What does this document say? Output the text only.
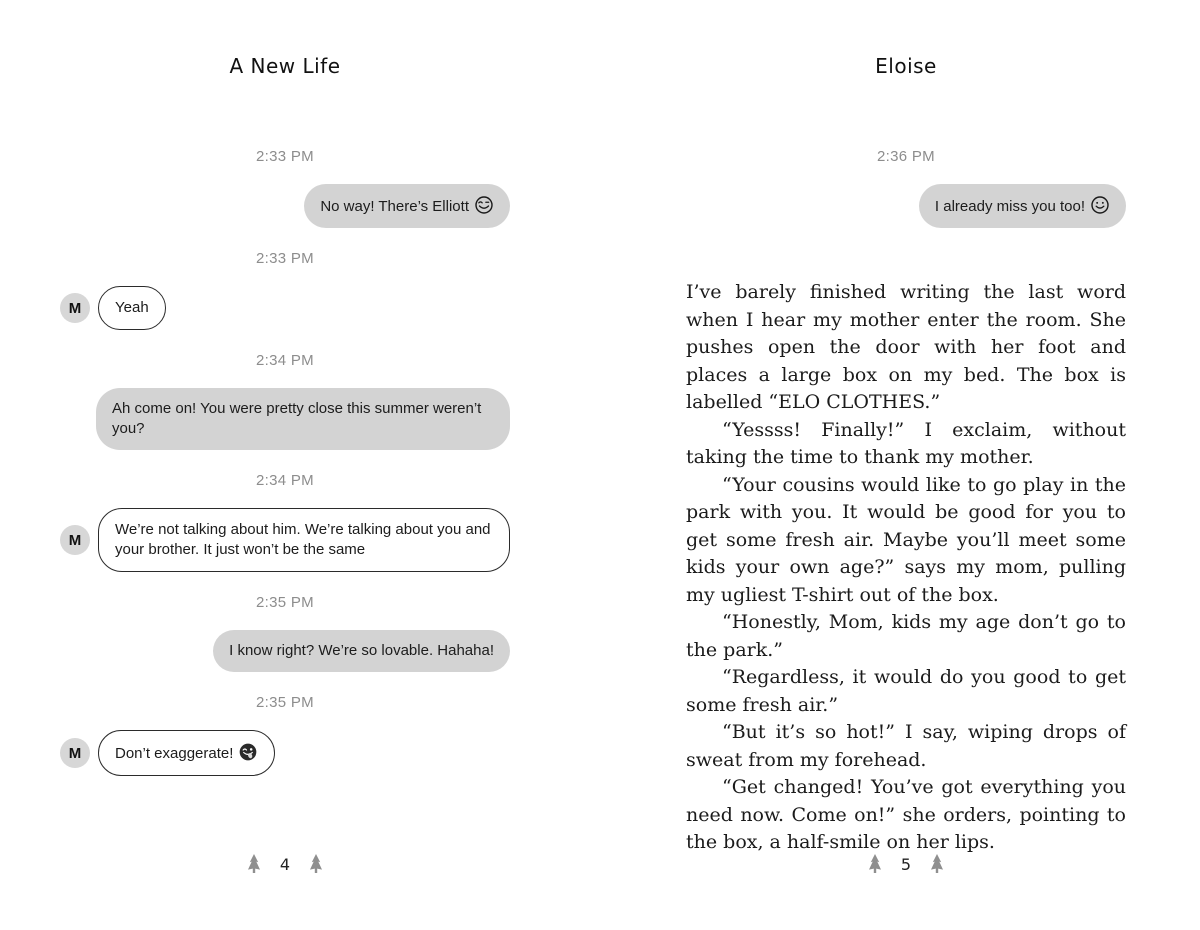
A New Life
2:33 PM
No way! There’s Elliott
2:33 PM
M	Yeah
2:34 PM
Ah come on! You were pretty close this summer weren’t you?
2:34 PM
M
We’re not talking about him. We’re talking about you and your brother. It just won’t be the same
2:35 PM
I know right? We’re so lovable. Hahaha!
2:35 PM
M	Don’t exaggerate!
4
Eloise
2:36 PM
I already miss you too!

I’ve barely finished writing the last word when I hear my mother enter the room. She pushes open the door with her foot and places a large box on my bed. The box is labelled “ELO CLOTHES.”

“Yessss! Finally!” I exclaim, without taking the time to thank my mother.

“Your cousins would like to go play in the park with you. It would be good for you to get some fresh air. Maybe you’ll meet some kids your own age?” says my mom, pulling my ugliest T-shirt out of the box.

“Honestly, Mom, kids my age don’t go to the park.”

“Regardless, it would do you good to get some fresh air.”

“But it’s so hot!” I say, wiping drops of sweat from my forehead.

“Get changed! You’ve got everything you need now. Come on!” she orders, pointing to the box, a half-smile on her lips.

5
